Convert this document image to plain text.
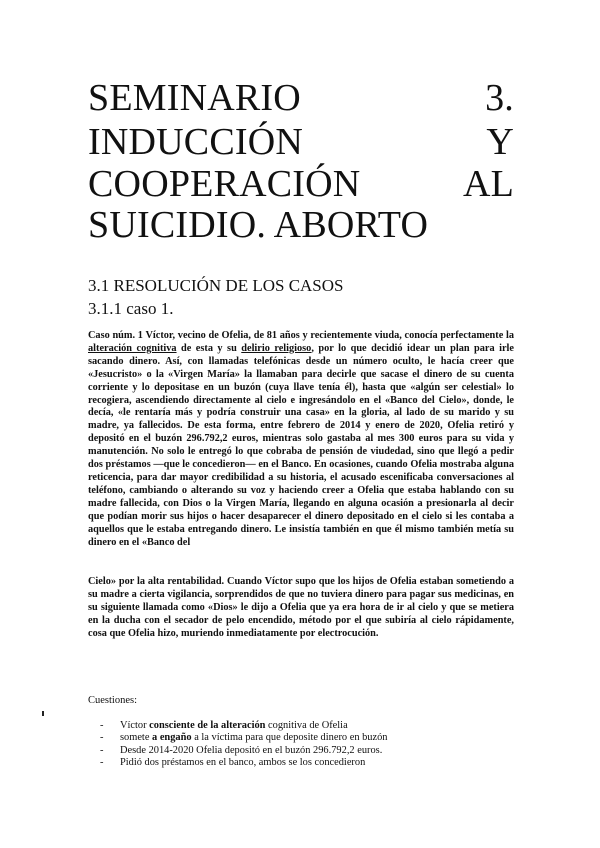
SEMINARIO	3.
INDUCCIÓN	Y
COOPERACIÓN	AL
SUICIDIO. ABORTO
3.1 RESOLUCIÓN DE LOS CASOS
3.1.1 caso 1.

Caso núm. 1 Víctor, vecino de Ofelia, de 81 años y recientemente viuda, conocía perfectamente la alteración cognitiva de esta y su delirio religioso, por lo que decidió idear un plan para irle sacando dinero. Así, con llamadas telefónicas desde un número oculto, le hacía creer que «Jesucristo» o la «Virgen María» la llamaban para decirle que sacase el dinero de su cuenta corriente y lo depositase en un buzón (cuya llave tenía él), hasta que «algún ser celestial» lo recogiera, ascendiendo directamente al cielo e ingresándolo en el «Banco del Cielo», donde, le decía, «le rentaría más y podría construir una casa» en la gloria, al lado de su marido y su madre, ya fallecidos. De esta forma, entre febrero de 2014 y enero de 2020, Ofelia retiró y depositó en el buzón 296.792,2 euros, mientras solo gastaba al mes 300 euros para su vida y manutención. No solo le entregó lo que cobraba de pensión de viudedad, sino que llegó a pedir dos préstamos —que le concedieron— en el Banco. En ocasiones, cuando Ofelia mostraba alguna reticencia, para dar mayor credibilidad a su historia, el acusado escenificaba conversaciones al teléfono, cambiando o alterando su voz y haciendo creer a Ofelia que estaba hablando con su madre fallecida, con Dios o la Virgen María, llegando en alguna ocasión a presionarla al decir que podían morir sus hijos o hacer desaparecer el dinero depositado en el cielo si les contaba a aquellos que le estaba entregando dinero. Le insistía también en que él mismo también metía su dinero en el «Banco del

Cielo» por la alta rentabilidad. Cuando Víctor supo que los hijos de Ofelia estaban sometiendo a su madre a cierta vigilancia, sorprendidos de que no tuviera dinero para pagar sus medicinas, en su siguiente llamada como «Dios» le dijo a Ofelia que ya era hora de ir al cielo y que se metiera en la ducha con el secador de pelo encendido, método por el que subiría al cielo rápidamente, cosa que Ofelia hizo, muriendo inmediatamente por electrocución.

Cuestiones:
- Víctor consciente de la alteración cognitiva de Ofelia
- somete a engaño a la víctima para que deposite dinero en buzón
- Desde 2014-2020 Ofelia depositó en el buzón 296.792,2 euros.
- Pidió dos préstamos en el banco, ambos se los concedieron
